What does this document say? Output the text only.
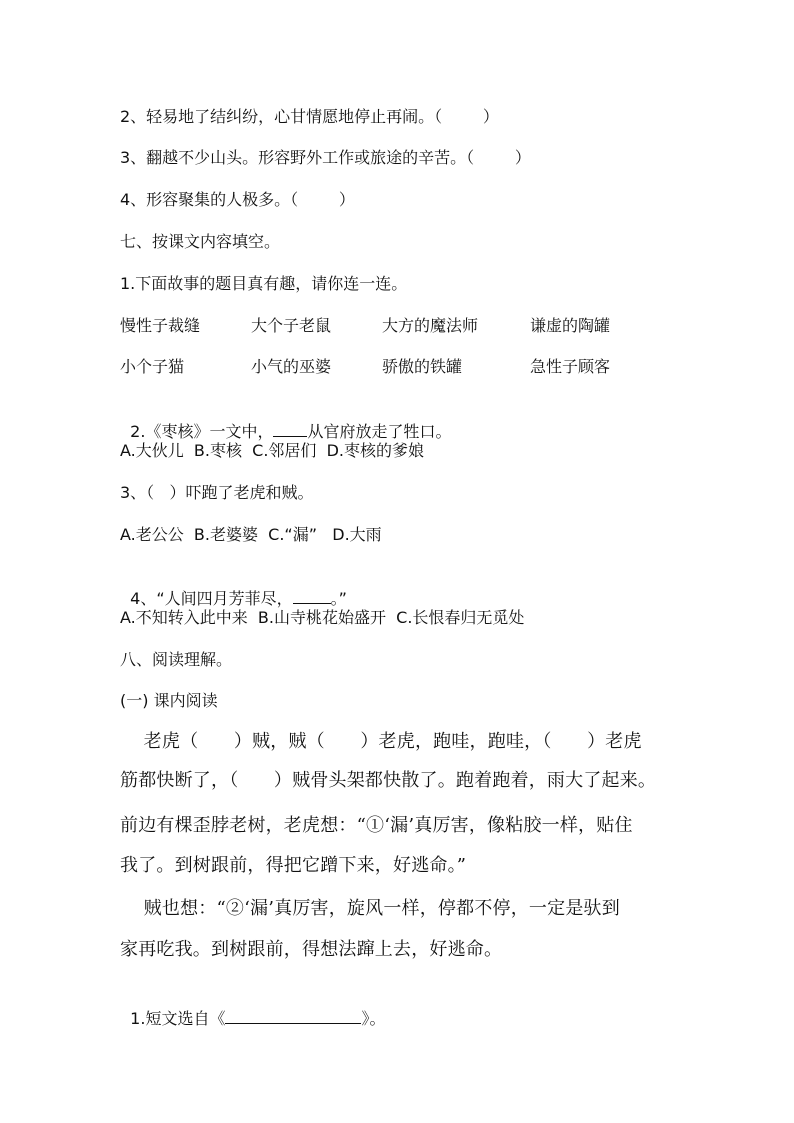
2、轻易地了结纠纷，心甘情愿地停止再闹。（        ）
3、翻越不少山头。形容野外工作或旅途的辛苦。（        ）
4、形容聚集的人极多。（        ）
七、按课文内容填空。
1.下面故事的题目真有趣，请你连一连。
慢性子裁缝	大个子老鼠	大方的魔法师	谦虚的陶罐
小个子猫	小气的巫婆	骄傲的铁罐	急性子顾客

2.《枣核》一文中， 从官府放走了牲口。

A.大伙儿  B.枣核  C.邻居们  D.枣核的爹娘
3、（   ）吓跑了老虎和贼。
A.老公公  B.老婆婆  C.“漏”   D.大雨

4、“人间四月芳菲尽， 。”

A.不知转入此中来  B.山寺桃花始盛开  C.长恨春归无觅处
八、阅读理解。
(一) 课内阅读
老虎（      ）贼，贼（      ）老虎，跑哇，跑哇，（      ）老虎
筋都快断了，（      ）贼骨头架都快散了。跑着跑着，雨大了起来。
前边有棵歪脖老树，老虎想：“①‘漏’真厉害，像粘胶一样，贴住
我了。到树跟前，得把它蹭下来，好逃命。”
贼也想：“②‘漏’真厉害，旋风一样，停都不停，一定是驮到
家再吃我。到树跟前，得想法蹿上去，好逃命。

1.短文选自《	》。
